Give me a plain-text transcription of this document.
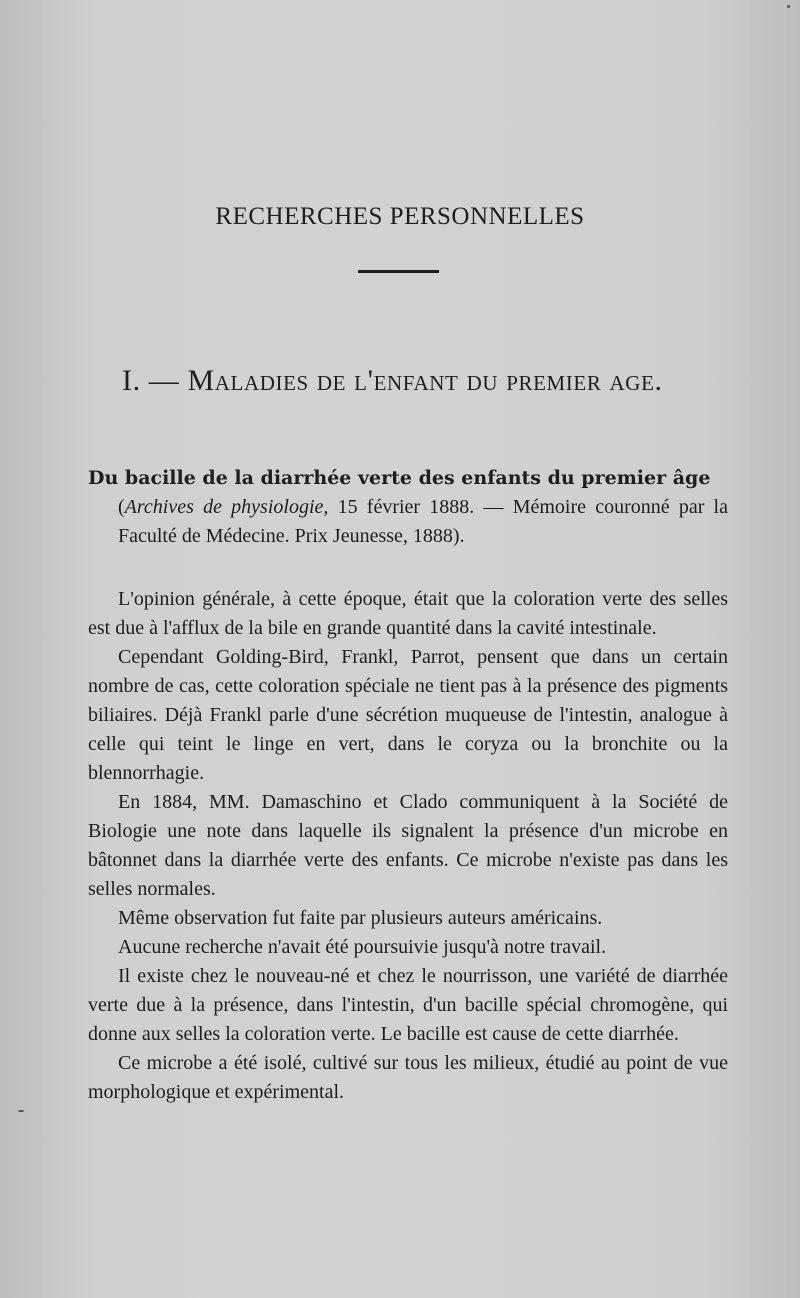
RECHERCHES PERSONNELLES
I. — Maladies de l'enfant du premier age.
Du bacille de la diarrhée verte des enfants du premier âge
(Archives de physiologie, 15 février 1888. — Mémoire couronné par la Faculté de Médecine. Prix Jeunesse, 1888).

L'opinion générale, à cette époque, était que la coloration verte des selles est due à l'afflux de la bile en grande quantité dans la cavité intestinale.

Cependant Golding-Bird, Frankl, Parrot, pensent que dans un certain nombre de cas, cette coloration spéciale ne tient pas à la présence des pigments biliaires. Déjà Frankl parle d'une sécrétion muqueuse de l'intestin, analogue à celle qui teint le linge en vert, dans le coryza ou la bronchite ou la blennorrhagie.

En 1884, MM. Damaschino et Clado communiquent à la Société de Biologie une note dans laquelle ils signalent la présence d'un microbe en bâtonnet dans la diarrhée verte des enfants. Ce microbe n'existe pas dans les selles normales.

Même observation fut faite par plusieurs auteurs américains.

Aucune recherche n'avait été poursuivie jusqu'à notre travail.

Il existe chez le nouveau-né et chez le nourrisson, une variété de diarrhée verte due à la présence, dans l'intestin, d'un bacille spécial chromogène, qui donne aux selles la coloration verte. Le bacille est cause de cette diarrhée.

Ce microbe a été isolé, cultivé sur tous les milieux, étudié au point de vue morphologique et expérimental.
